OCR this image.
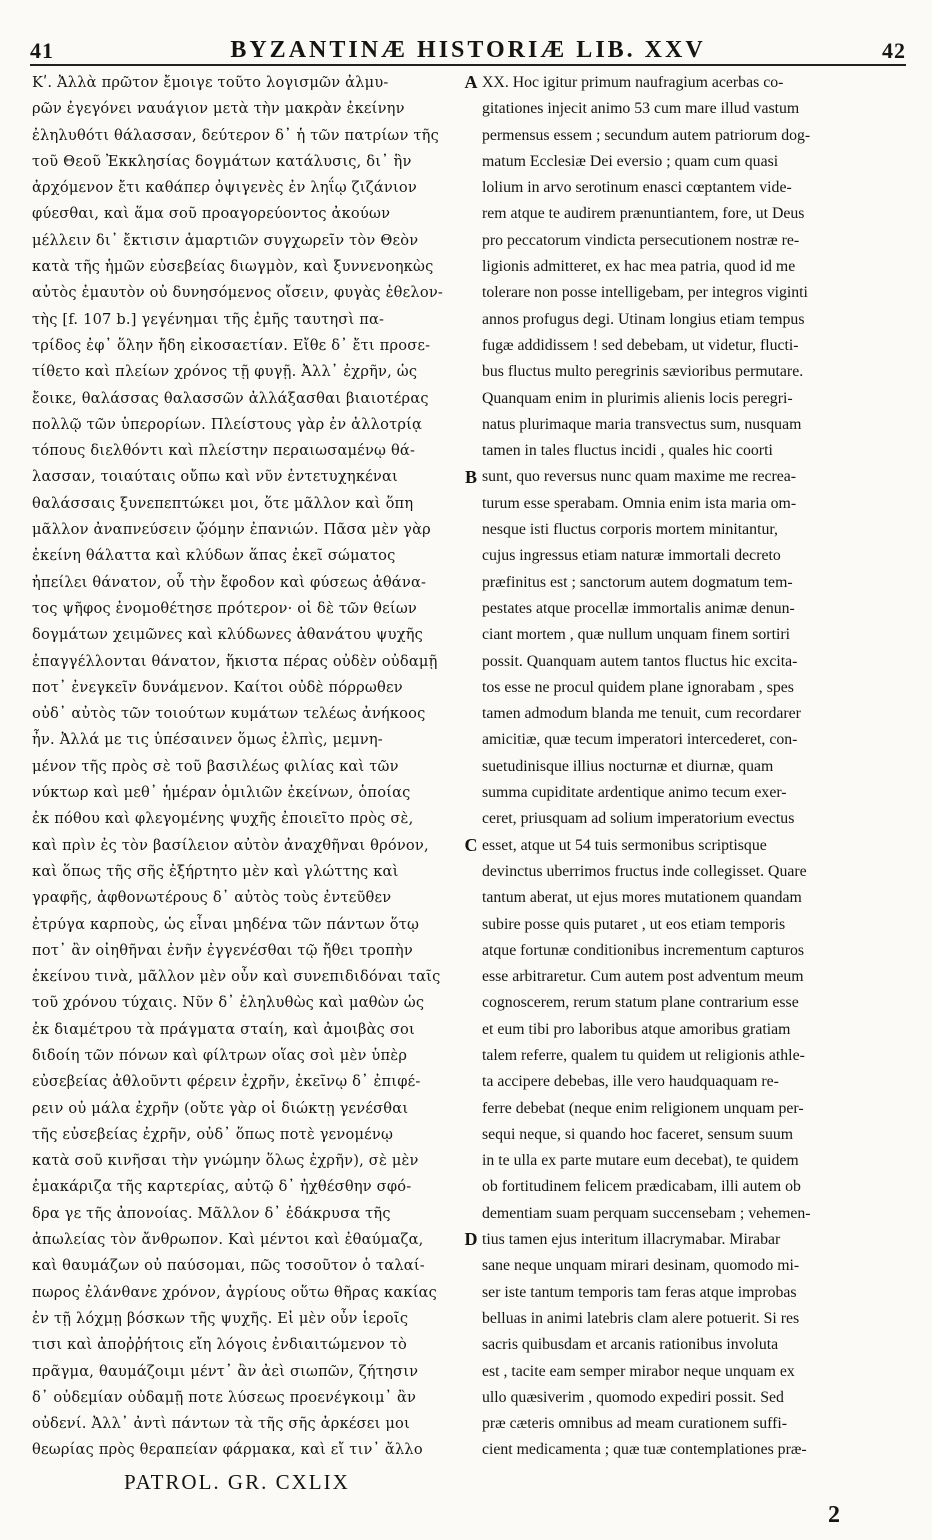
41	BYZANTINÆ HISTORIÆ LIB. XXV	42
Κʹ. Ἀλλὰ πρῶτον ἔμοιγε τοῦτο λογισμῶν ἀλμυ-
ρῶν ἐγεγόνει ναυάγιον μετὰ τὴν μακρὰν ἐκείνην
ἐληλυθότι θάλασσαν, δεύτερον δ᾽ ἡ τῶν πατρίων τῆς
τοῦ Θεοῦ Ἐκκλησίας δογμάτων κατάλυσις, δι᾽ ἣν
ἀρχόμενον ἔτι καθάπερ ὀψιγενὲς ἐν ληΐῳ ζιζάνιον
φύεσθαι, καὶ ἅμα σοῦ προαγορεύοντος ἀκούων
μέλλειν δι᾽ ἔκτισιν ἁμαρτιῶν συγχωρεῖν τὸν Θεὸν
κατὰ τῆς ἡμῶν εὐσεβείας διωγμὸν, καὶ ξυννενοηκὼς
αὐτὸς ἐμαυτὸν οὐ δυνησόμενος οἴσειν, φυγὰς ἐθελον-
τὴς [f. 107 b.] γεγένημαι τῆς ἐμῆς ταυτησὶ πα-
τρίδος ἐφ᾽ ὅλην ἤδη εἰκοσαετίαν. Εἴθε δ᾽ ἔτι προσε-
τίθετο καὶ πλείων χρόνος τῇ φυγῇ. Ἀλλ᾽ ἐχρῆν, ὡς
ἔοικε, θαλάσσας θαλασσῶν ἀλλάξασθαι βιαιοτέρας
πολλῷ τῶν ὑπερορίων. Πλείστους γὰρ ἐν ἀλλοτρίᾳ
τόπους διελθόντι καὶ πλείστην περαιωσαμένῳ θά-
λασσαν, τοιαύταις οὔπω καὶ νῦν ἐντετυχηκέναι
θαλάσσαις ξυνεπεπτώκει μοι, ὅτε μᾶλλον καὶ ὅπη
μᾶλλον ἀναπνεύσειν ᾤόμην ἐπανιών. Πᾶσα μὲν γὰρ
ἐκείνη θάλαττα καὶ κλύδων ἅπας ἐκεῖ σώματος
ἠπείλει θάνατον, οὗ τὴν ἔφοδον καὶ φύσεως ἀθάνα-
τος ψῆφος ἐνομοθέτησε πρότερον· οἱ δὲ τῶν θείων
δογμάτων χειμῶνες καὶ κλύδωνες ἀθανάτου ψυχῆς
ἐπαγγέλλονται θάνατον, ἥκιστα πέρας οὐδὲν οὐδαμῇ
ποτ᾽ ἐνεγκεῖν δυνάμενον. Καίτοι οὐδὲ πόρρωθεν
οὐδ᾽ αὐτὸς τῶν τοιούτων κυμάτων τελέως ἀνήκοος
ἦν. Ἀλλά με τις ὑπέσαινεν ὅμως ἐλπὶς, μεμνη-
μένον τῆς πρὸς σὲ τοῦ βασιλέως φιλίας καὶ τῶν
νύκτωρ καὶ μεθ᾽ ἡμέραν ὁμιλιῶν ἐκείνων, ὁποίας
ἐκ πόθου καὶ φλεγομένης ψυχῆς ἐποιεῖτο πρὸς σὲ,
καὶ πρὶν ἐς τὸν βασίλειον αὐτὸν ἀναχθῆναι θρόνον,
καὶ ὅπως τῆς σῆς ἐξήρτητο μὲν καὶ γλώττης καὶ
γραφῆς, ἀφθονωτέρους δ᾽ αὐτὸς τοὺς ἐντεῦθεν
ἐτρύγα καρποὺς, ὡς εἶναι μηδένα τῶν πάντων ὅτῳ
ποτ᾽ ἂν οἰηθῆναι ἐνῆν ἐγγενέσθαι τῷ ἤθει τροπὴν
ἐκείνου τινὰ, μᾶλλον μὲν οὖν καὶ συνεπιδιδόναι ταῖς
τοῦ χρόνου τύχαις. Νῦν δ᾽ ἐληλυθὼς καὶ μαθὼν ὡς
ἐκ διαμέτρου τὰ πράγματα σταίη, καὶ ἀμοιβὰς σοι
διδοίη τῶν πόνων καὶ φίλτρων οἵας σοὶ μὲν ὑπὲρ
εὐσεβείας ἀθλοῦντι φέρειν ἐχρῆν, ἐκεῖνῳ δ᾽ ἐπιφέ-
ρειν οὐ μάλα ἐχρῆν (οὔτε γὰρ οἱ διώκτῃ γενέσθαι
τῆς εὐσεβείας ἐχρῆν, οὐδ᾽ ὅπως ποτὲ γενομένῳ
κατὰ σοῦ κινῆσαι τὴν γνώμην ὅλως ἐχρῆν), σὲ μὲν
ἐμακάριζα τῆς καρτερίας, αὐτῷ δ᾽ ἠχθέσθην σφό-
δρα γε τῆς ἀπονοίας. Μᾶλλον δ᾽ ἐδάκρυσα τῆς
ἀπωλείας τὸν ἄνθρωπον. Καὶ μέντοι καὶ ἐθαύμαζα,
καὶ θαυμάζων οὐ παύσομαι, πῶς τοσοῦτον ὁ ταλαί-
πωρος ἐλάνθανε χρόνον, ἀγρίους οὕτω θῆρας κακίας
ἐν τῇ λόχμῃ βόσκων τῆς ψυχῆς. Εἰ μὲν οὖν ἱεροῖς
τισι καὶ ἀποῤῥήτοις εἴη λόγοις ἐνδιαιτώμενον τὸ
πρᾶγμα, θαυμάζοιμι μέντ᾽ ἂν ἀεὶ σιωπῶν, ζήτησιν
δ᾽ οὐδεμίαν οὐδαμῇ ποτε λύσεως προενέγκοιμ᾽ ἂν
οὐδενί. Ἀλλ᾽ ἀντὶ πάντων τὰ τῆς σῆς ἀρκέσει μοι
θεωρίας πρὸς θεραπείαν φάρμακα, καὶ εἴ τιν᾽ ἄλλο
A
B
C
D
XX. Hoc igitur primum naufragium acerbas co-
gitationes injecit animo 53 cum mare illud vastum
permensus essem ; secundum autem patriorum dog-
matum Ecclesiæ Dei eversio ; quam cum quasi
lolium in arvo serotinum enasci cœptantem vide-
rem atque te audirem prænuntiantem, fore, ut Deus
pro peccatorum vindicta persecutionem nostræ re-
ligionis admitteret, ex hac mea patria, quod id me
tolerare non posse intelligebam, per integros viginti
annos profugus degi. Utinam longius etiam tempus
fugæ addidissem ! sed debebam, ut videtur, flucti-
bus fluctus multo peregrinis sævioribus permutare.
Quanquam enim in plurimis alienis locis peregri-
natus plurimaque maria transvectus sum, nusquam
tamen in tales fluctus incidi , quales hic coorti
sunt, quo reversus nunc quam maxime me recrea-
turum esse sperabam. Omnia enim ista maria om-
nesque isti fluctus corporis mortem minitantur,
cujus ingressus etiam naturæ immortali decreto
præfinitus est ; sanctorum autem dogmatum tem-
pestates atque procellæ immortalis animæ denun-
ciant mortem , quæ nullum unquam finem sortiri
possit. Quanquam autem tantos fluctus hic excita-
tos esse ne procul quidem plane ignorabam , spes
tamen admodum blanda me tenuit, cum recordarer
amicitiæ, quæ tecum imperatori intercederet, con-
suetudinisque illius nocturnæ et diurnæ, quam
summa cupiditate ardentique animo tecum exer-
ceret, priusquam ad solium imperatorium evectus
esset, atque ut 54 tuis sermonibus scriptisque
devinctus uberrimos fructus inde collegisset. Quare
tantum aberat, ut ejus mores mutationem quandam
subire posse quis putaret , ut eos etiam temporis
atque fortunæ conditionibus incrementum capturos
esse arbitraretur. Cum autem post adventum meum
cognoscerem, rerum statum plane contrarium esse
et eum tibi pro laboribus atque amoribus gratiam
talem referre, qualem tu quidem ut religionis athle-
ta accipere debebas, ille vero haudquaquam re-
ferre debebat (neque enim religionem unquam per-
sequi neque, si quando hoc faceret, sensum suum
in te ulla ex parte mutare eum decebat), te quidem
ob fortitudinem felicem prædicabam, illi autem ob
dementiam suam perquam succensebam ; vehemen-
tius tamen ejus interitum illacrymabar. Mirabar
sane neque unquam mirari desinam, quomodo mi-
ser iste tantum temporis tam feras atque improbas
belluas in animi latebris clam alere potuerit. Si res
sacris quibusdam et arcanis rationibus involuta
est , tacite eam semper mirabor neque unquam ex
ullo quæsiverim , quomodo expediri possit. Sed
præ cæteris omnibus ad meam curationem suffi-
cient medicamenta ; quæ tuæ contemplationes præ-
PATROL. GR. CXLIX
2
